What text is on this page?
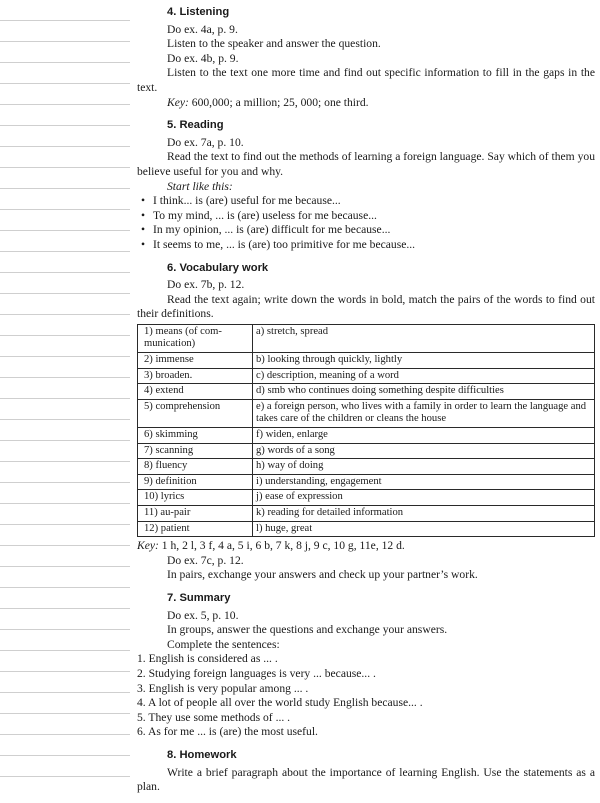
4. Listening

Do ex. 4a, p. 9.

Listen to the speaker and answer the question.

Do ex. 4b, p. 9.

Listen to the text one more time and find out specific information to fill in the gaps in the text.

Key: 600,000; a million; 25, 000; one third.

5. Reading

Do ex. 7a, p. 10.

Read the text to find out the methods of learning a foreign language. Say which of them you believe useful for you and why.

Start like this:

• I think... is (are) useful for me because...
• To my mind, ... is (are) useless for me because...
• In my opinion, ... is (are) difficult for me because...
• It seems to me, ... is (are) too primitive for me because...
6. Vocabulary work

Do ex. 7b, p. 12.

Read the text again; write down the words in bold, match the pairs of the words to find out their definitions.

1) means (of com-munication)	a) stretch, spread
2) immense	b) looking through quickly, lightly
3) broaden.	c) description, meaning of a word
4) extend	d) smb who continues doing something despite difficulties
5) comprehension	e) a foreign person, who lives with a family in order to learn the language and takes care of the children or cleans the house
6) skimming	f) widen, enlarge
7) scanning	g) words of a song
8) fluency	h) way of doing
9) definition	i) understanding, engagement
10) lyrics	j) ease of expression
11) au-pair	k) reading for detailed information
12) patient	l) huge, great

Key: 1 h, 2 l, 3 f, 4 a, 5 i, 6 b, 7 k, 8 j, 9 c, 10 g, 11e, 12 d.

Do ex. 7c, p. 12.

In pairs, exchange your answers and check up your partner’s work.

7. Summary

Do ex. 5, p. 10.

In groups, answer the questions and exchange your answers.

Complete the sentences:

1. English is considered as ... .
2. Studying foreign languages is very ... because... .
3. English is very popular among ... .
4. A lot of people all over the world study English because... .
5. They use some methods of ... .
6. As for me ... is (are) the most useful.
8. Homework

Write a brief paragraph about the importance of learning English. Use the statements as a plan.
